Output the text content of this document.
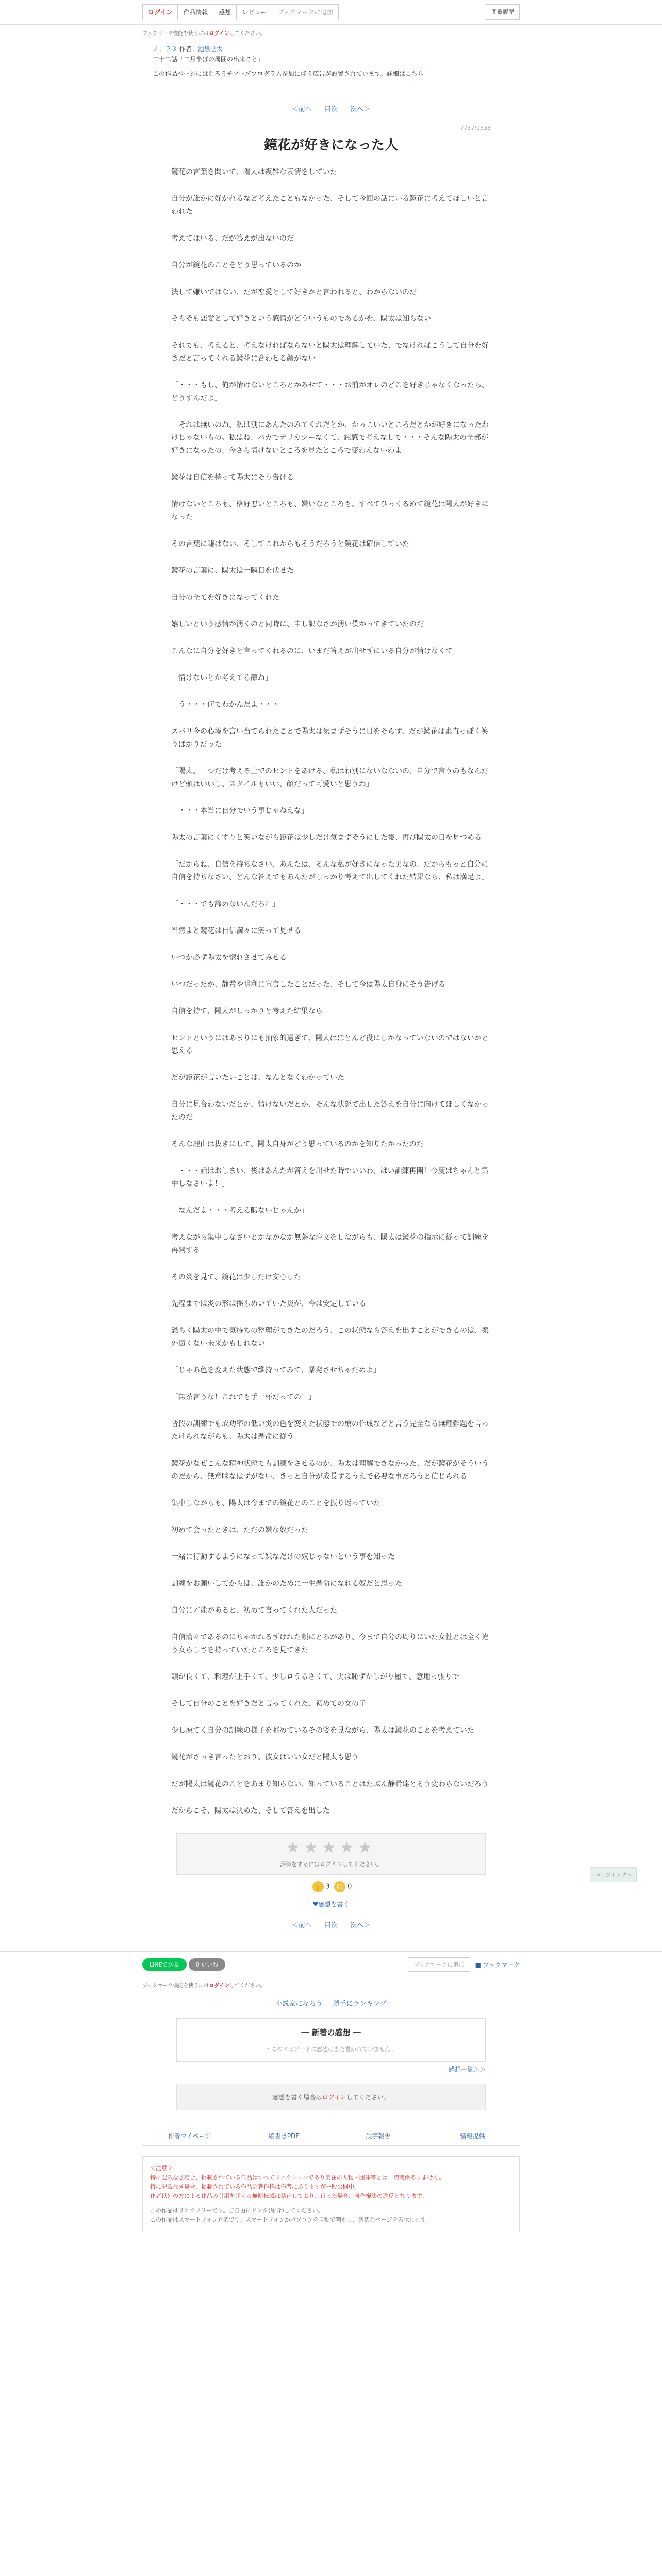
ログイン	作品情報	感想	レビュー	ブックマークに追加	閲覧履歴
ブックマーク機能を使うにはログインしてください。
ノ：ラ３ 作者：池泉堂太
二十二話「二月半ばの周囲の出来こと」
この作品ページにはなろうチアーズプログラム参加に伴う広告が設置されています。詳細はこちら
＜前へ 目次 次へ＞
7737/1533
鏡花が好きになった人

鏡花の言葉を聞いて、陽太は複雑な表情をしていた

自分が誰かに好かれるなど考えたこともなかった、そして今回の話にいる鏡花に考えてほしいと言われた

考えてはいる、だが答えが出ないのだ

自分が鏡花のことをどう思っているのか

決して嫌いではない、だが恋愛として好きかと言われると、わからないのだ

そもそも恋愛として好きという感情がどういうものであるかを、陽太は知らない

それでも、考えると、考えなければならないと陽太は理解していた、でなければこうして自分を好きだと言ってくれる鏡花に合わせる顔がない

「・・・もし、俺が情けないところとかみせて・・・お前がオレのどこを好きじゃなくなったら、どうすんだよ」

「それは無いのね、私は別にあんたのみてくれだとか、かっこいいところだとかが好きになったわけじゃないもの。私はね、バカでデリカシーなくて、鈍感で考えなしで・・・そんな陽太の全部が好きになったの、今さら情けないところを見たところで変わんないわよ」

鏡花は自信を持って陽太にそう告げる

情けないところも、格好悪いところも、嫌いなところも、すべてひっくるめて鏡花は陽太が好きになった

その言葉に嘘はない、そしてこれからもそうだろうと鏡花は確信していた

鏡花の言葉に、陽太は一瞬目を伏せた

自分の全てを好きになってくれた

嬉しいという感情が湧くのと同時に、申し訳なさが湧い僕かってきていたのだ

こんなに自分を好きと言ってくれるのに、いまだ答えが出せずにいる自分が情けなくて

「情けないとか考えてる顔ね」

「う・・・何でわかんだよ・・・」

ズバリ今の心境を言い当てられたことで陽太は気まずそうに目をそらす、だが鏡花は素直っぽく笑うばかりだった

「陽太、一つだけ考える上でのヒントをあげる、私はね別にないなないの、自分で言うのもなんだけど頭はいいし、スタイルもいい、顔だって可愛いと思うわ」

「・・・本当に自分でいう事じゃねえな」

陽太の言葉にくすりと笑いながら鏡花は少しだけ気まずそうにした後、再び陽太の目を見つめる

「だからね、自信を持ちなさい、あんたは、そんな私が好きになった男なの、だからもっと自分に自信を持ちなさい、どんな答えでもあんたがしっかり考えて出してくれた結果なら、私は満足よ」

「・・・でも諦めないんだろ？」

当然よと鏡花は自信満々に笑って見せる

いつか必ず陽太を惚れさせてみせる

いつだったか、静希や明利に宣言したことだった、そして今は陽太自身にそう告げる

自信を持て、陽太がしっかりと考えた結果なら

ヒントというにはあまりにも抽象的過ぎて、陽太はほとんど役にしかなっていないのではないかと思える

だが鏡花が言いたいことは、なんとなくわかっていた

自分に見合わないだとか、情けないだとか、そんな状態で出した答えを自分に向けてほしくなかったのだ

そんな理由は抜きにして、陽太自身がどう思っているのかを知りたかったのだ

「・・・話はおしまい、後はあんたが答えを出せた時でいいわ、はい訓練再開！今度はちゃんと集中しなさいよ！」

「なんだよ・・・考える暇ないじゃんか」

考えながら集中しなさいとかなかなか無茶な注文をしながらも、陽太は鏡花の指示に従って訓練を再開する

その炎を見て、鏡花は少しだけ安心した

先程までは炎の形は揺らめいていた炎が、今は安定している

恐らく陽太の中で気持ちの整理ができたのだろう、この状態なら答えを出すことができるのは、案外遠くない未来かもしれない

「じゃあ色を変えた状態で維持ってみて、暴発させちゃだめよ」

「無茶言うな！これでも手一杯だっての！」

普段の訓練でも成功率の低い炎の色を変えた状態での槍の作成などと言う完全なる無理難題を言ったけられながらも、陽太は懸命に従う

鏡花がなぜこんな精神状態でも訓練をさせるのか、陽太は理解できなかった、だが鏡花がそういうのだから、無意味なはずがない、きっと自分が成長するうえで必要な事だろうと信じられる

集中しながらも、陽太は今までの鏡花とのことを振り返っていた

初めて会ったときは、ただの嫌な奴だった

一緒に行動するようになって嫌なだけの奴じゃないという事を知った

訓練をお願いしてからは、誰かのために一生懸命になれる奴だと思った

自分に才能があると、初めて言ってくれた人だった

自信満々であるのにちゃかれるずけれた頼にとろがあり、今まで自分の周りにいた女性とは全く違う女らしさを持っていたところを見てきた

頭が良くて、料理が上手くて、少しロうるさくて、実は恥ずかしがり屋で、意地っ張りで

そして自分のことを好きだと言ってくれた、初めての女の子

少し凍てく自分の訓練の様子を眺めているその姿を見ながら、陽太は鏡花のことを考えていた

鏡花がさっき言ったとおり、彼女はいい女だと陽太も思う

だが陽太は鏡花のことをあまり知らない、知っていることはたぶん静希達とそう変わらないだろう

だからこそ、陽太は決めた、そして答えを出した

★★★★★
評価をするにはログインしてください。
👍 3 ☺ 0
♥感想を書く
＜前へ 目次 次へ＞
LINEで送る	0 いいね	ブックマークに追加	■ ブックマーク
ブックマーク機能を使うにはログインしてください。
小説家になろう 勝手にランキング
― 新着の感想 ―
・このエピソードに感想はまだ書かれていません。
感想一覧＞＞
感想を書く場合はログインしてください。
作者マイページ	縦書きPDF	誤字報告	情報提供
＜注意＞
特に記載なき場合、掲載されている作品はすべてフィクションであり実在の人物・団体等とは一切関係ありません。
特に記載なき場合、掲載されている作品の著作権は作者にありますが一般公開中。
作者以外の方による作品の引用を超える無断転載は禁止しており、行った場合、著作権法の違反となります。
この作品はリンクフリーです。ご自由にリンク(紹介)してください。
この作品はスマートフォン対応です。スマートフォンかパソコンを自動で判別し、適切なページを表示します。
ページトップへ
